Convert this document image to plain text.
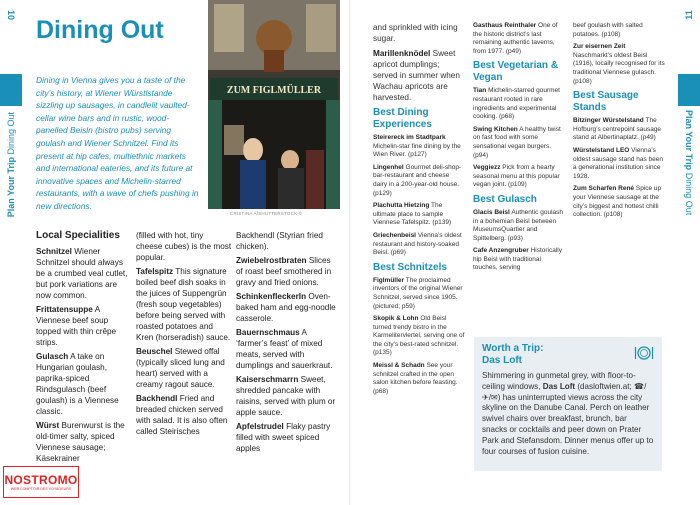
10
Plan Your Trip Dining Out
11
Plan Your Trip Dining Out
Dining Out
Dining in Vienna gives you a taste of the city’s history, at Wiener Würstlstande sizzling up sausages, in candlelit vaulted-cellar wine bars and in rustic, wood-panelled Beisln (bistro pubs) serving goulash and Wiener Schnitzel. Find its present at hip cafes, multiethnic markets and international eateries, and its future at innovative spaces and Michelin-starred restaurants, with a wave of chefs pushing in new directions.
ZUM FIGLMÜLLER
CRISTINA A/SHUTTERSTOCK ©
Local Specialities

Schnitzel Wiener Schnitzel should always be a crumbed veal cutlet, but pork variations are now common.

Frittatensuppe A Viennese beef soup topped with thin crêpe strips.

Gulasch A take on Hungarian goulash, paprika-spiced Rindsgulasch (beef goulash) is a Viennese classic.

Würst Burenwurst is the old-timer salty, spiced Viennese sausage; Käsekrainer

(filled with hot, tiny cheese cubes) is the most popular.

Tafelspitz This signature boiled beef dish soaks in the juices of Suppengrün (fresh soup vegetables) before being served with roasted potatoes and Kren (horseradish) sauce.

Beuschel Stewed offal (typically sliced lung and heart) served with a creamy ragout sauce.

Backhendl Fried and breaded chicken served with salad. It is also often called Steirisches

Backhendl (Styrian fried chicken).

Zwiebelrostbraten Slices of roast beef smothered in gravy and fried onions.

SchinkenfleckerIn Oven-baked ham and egg-noodle casserole.

Bauernschmaus A ‘farmer’s feast’ of mixed meats, served with dumplings and sauerkraut.

Kaiserschmarrn Sweet, shredded pancake with raisins, served with plum or apple sauce.

Apfelstrudel Flaky pastry filled with sweet spiced apples

and sprinkled with icing sugar.

Marillenknödel Sweet apricot dumplings; served in summer when Wachau apricots are harvested.

Best Dining Experiences

Steirereck im Stadtpark Michelin-star fine dining by the Wien River. (p127)

Lingenhel Gourmet deli-shop-bar-restaurant and cheese dairy in a 200-year-old house. (p129)

Plachutta Hietzing The ultimate place to sample Viennese Tafelspitz. (p139)

Griechenbeisl Vienna’s oldest restaurant and history-soaked Beisl. (p69)

Best Schnitzels

Figlmüller The proclaimed inventors of the original Wiener Schnitzel, served since 1905. (pictured; p59)

Skopik & Lohn Old Beisl turned trendy bistro in the Karmelitervlertel, serving one of the city’s best-rated schnitzel. (p135)

Meissl & Schadn See your schnitzel crafted in the open salon kitchen before feasting. (p68)

Gasthaus Reinthaler One of the historic district’s last remaining authentic taverns, from 1977. (p49)

Best Vegetarian & Vegan

Tian Michelin-starred gourmet restaurant rooted in rare ingredients and experimental cooking. (p68)

Swing Kitchen A healthy twist on fast food with some sensational vegan burgers. (p94)

Veggiezz Pick from a hearty seasonal menu at this popular vegan joint. (p109)

Best Gulasch

Glacis Beisl Authentic goulash in a bohemian Beisl between MuseumsQuartier and Spittelberg. (p93)

Cafe Anzengruber Historically hip Beisl with traditional touches, serving

beef goulash with salted potatoes. (p108)

Zur eisernen Zeit Naschmarkt’s oldest Beisl (1916), locally recognised for its traditional Viennese gulasch. (p108)

Best Sausage Stands

Bitzinger Würstelstand The Hofburg’s centrepoint sausage stand at Albertinaplatz. (p49)

Würstelstand LEO Vienna’s oldest sausage stand has been a generational institution since 1928.

Zum Scharfen René Spice up your Viennese sausage at the city’s biggest and hottest chilli collection. (p108)

Worth a Trip:
Das Loft
Shimmering in gunmetal grey, with floor-to-ceiling windows, Das Loft (dasloftwien.at; ☎/✈/✉) has uninterrupted views across the city skyline on the Danube Canal. Perch on leather swivel chairs over breakfast, brunch, bar snacks or cocktails and peer down on Prater Park and Stefansdom. Dinner menus offer up to four courses of fusion cuisine.
NOSTROMO
WEB COMPTOIR DES VOYAGEURS
